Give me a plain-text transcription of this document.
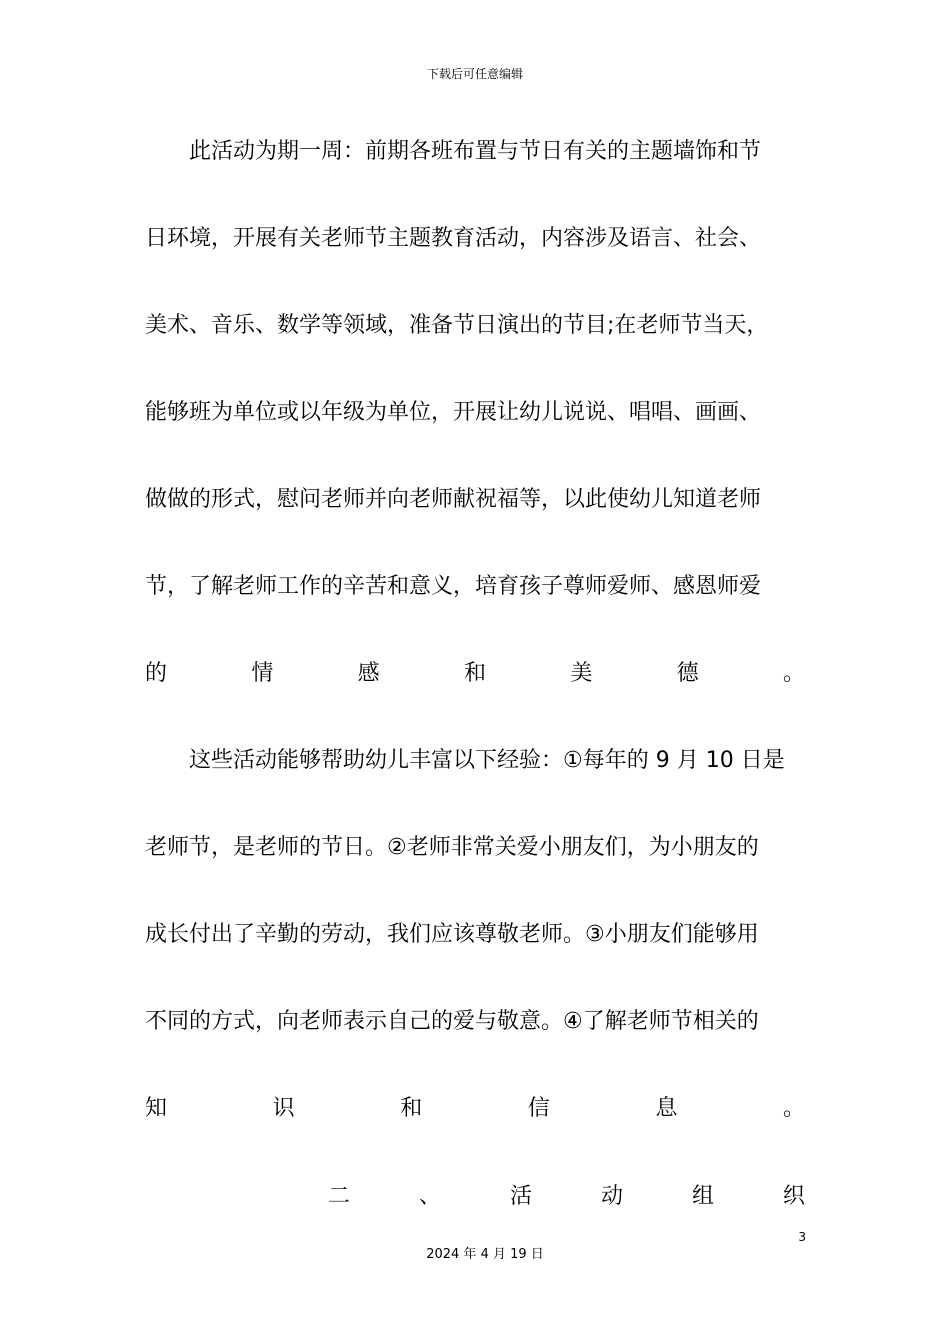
下载后可任意编辑
　　此活动为期一周：前期各班布置与节日有关的主题墙饰和节
日环境，开展有关老师节主题教育活动，内容涉及语言、社会、
美术、音乐、数学等领域，准备节日演出的节目;在老师节当天，
能够班为单位或以年级为单位，开展让幼儿说说、唱唱、画画、
做做的形式，慰问老师并向老师献祝福等，以此使幼儿知道老师
节，了解老师工作的辛苦和意义，培育孩子尊师爱师、感恩师爱
的	情	感	和	美	德	。
　　这些活动能够帮助幼儿丰富以下经验：①每年的 9 月 10 日是
老师节，是老师的节日。②老师非常关爱小朋友们，为小朋友的
成长付出了辛勤的劳动，我们应该尊敬老师。③小朋友们能够用
不同的方式，向老师表示自己的爱与敬意。④了解老师节相关的
知	识	和	信	息	。
二	、	活	动	组	织
3
2024 年 4 月 19 日
